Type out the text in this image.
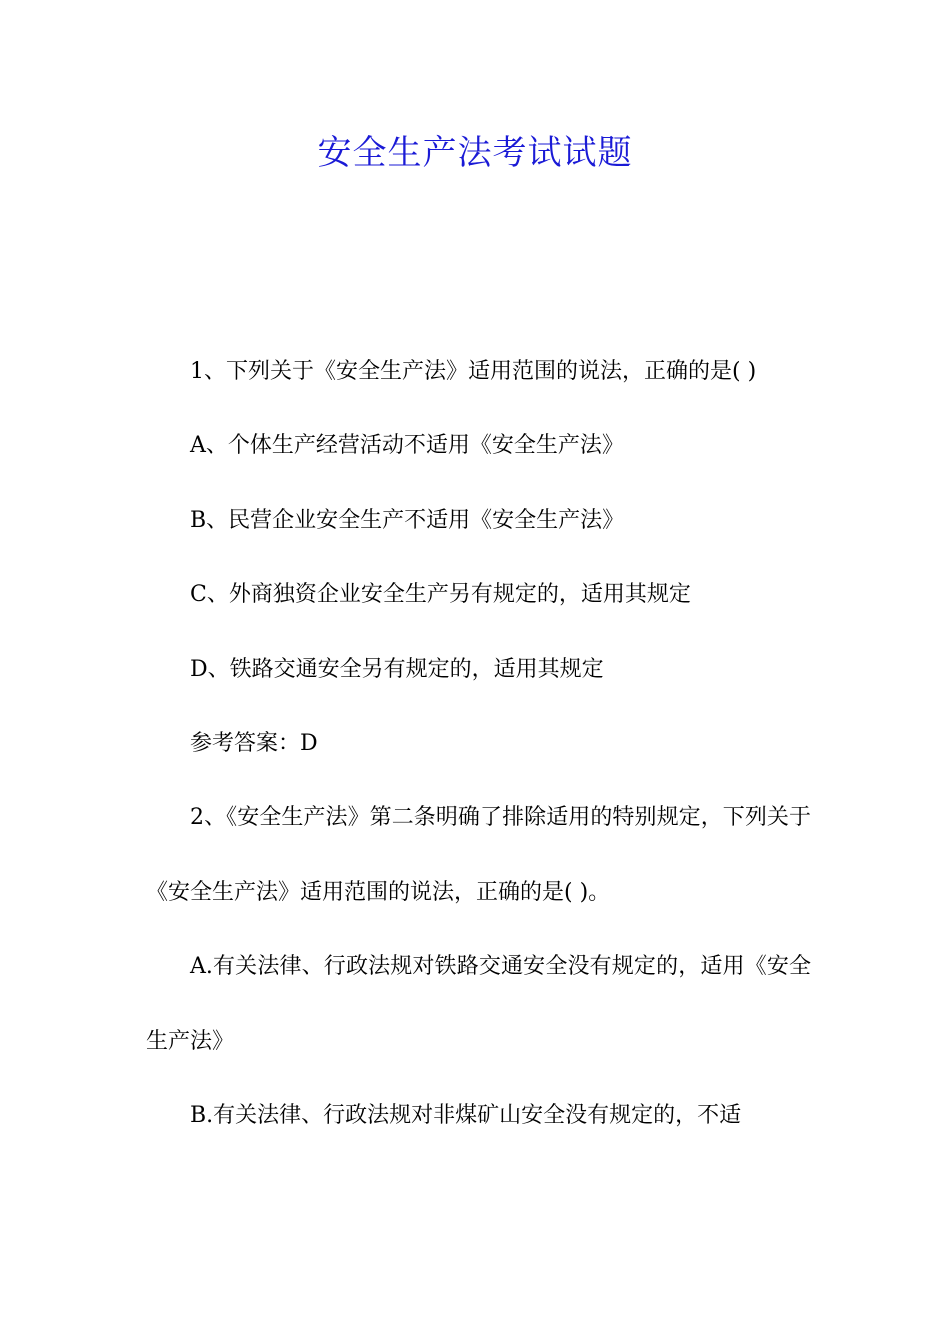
安全生产法考试试题

1、下列关于《安全生产法》适用范围的说法，正确的是( )

A、个体生产经营活动不适用《安全生产法》

B、民营企业安全生产不适用《安全生产法》

C、外商独资企业安全生产另有规定的，适用其规定

D、铁路交通安全另有规定的，适用其规定

参考答案：D

2、《安全生产法》第二条明确了排除适用的特别规定，下列关于《安全生产法》适用范围的说法，正确的是( )。

A.有关法律、行政法规对铁路交通安全没有规定的，适用《安全生产法》

B.有关法律、行政法规对非煤矿山安全没有规定的，不适
